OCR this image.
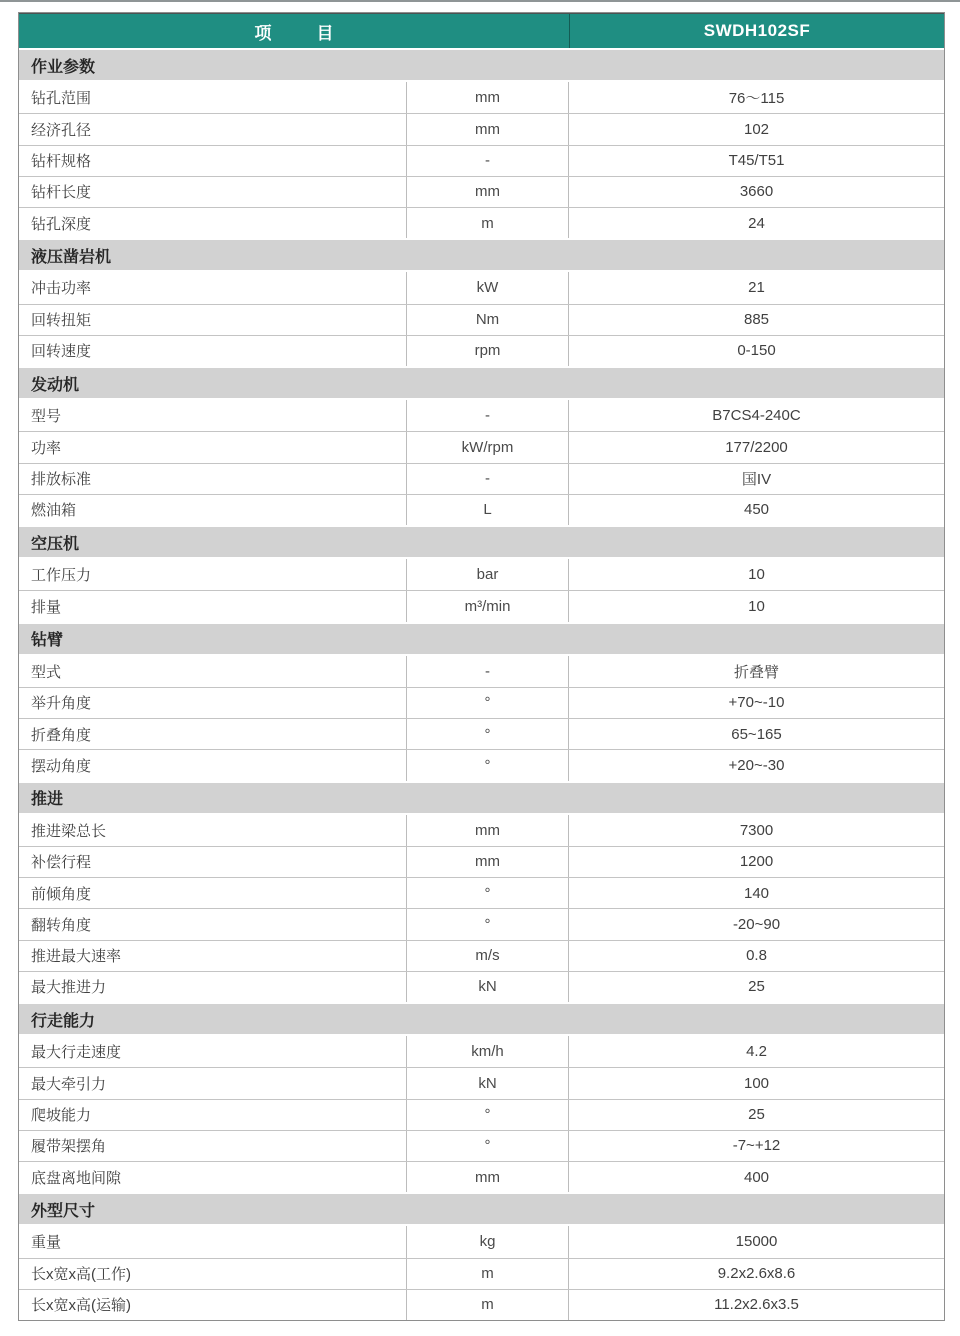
项　目	SWDH102SF
作业参数
钻孔范围	mm	76～115
经济孔径	mm	102
钻杆规格	-	T45/T51
钻杆长度	mm	3660
钻孔深度	m	24
液压凿岩机
冲击功率	kW	21
回转扭矩	Nm	885
回转速度	rpm	0-150
发动机
型号	-	B7CS4-240C
功率	kW/rpm	177/2200
排放标准	-	国IV
燃油箱	L	450
空压机
工作压力	bar	10
排量	m³/min	10
钻臂
型式	-	折叠臂
举升角度	°	+70~-10
折叠角度	°	65~165
摆动角度	°	+20~-30
推进
推进梁总长	mm	7300
补偿行程	mm	1200
前倾角度	°	140
翻转角度	°	-20~90
推进最大速率	m/s	0.8
最大推进力	kN	25
行走能力
最大行走速度	km/h	4.2
最大牵引力	kN	100
爬坡能力	°	25
履带架摆角	°	-7~+12
底盘离地间隙	mm	400
外型尺寸
重量	kg	15000
长x宽x高(工作)	m	9.2x2.6x8.6
长x宽x高(运输)	m	11.2x2.6x3.5
